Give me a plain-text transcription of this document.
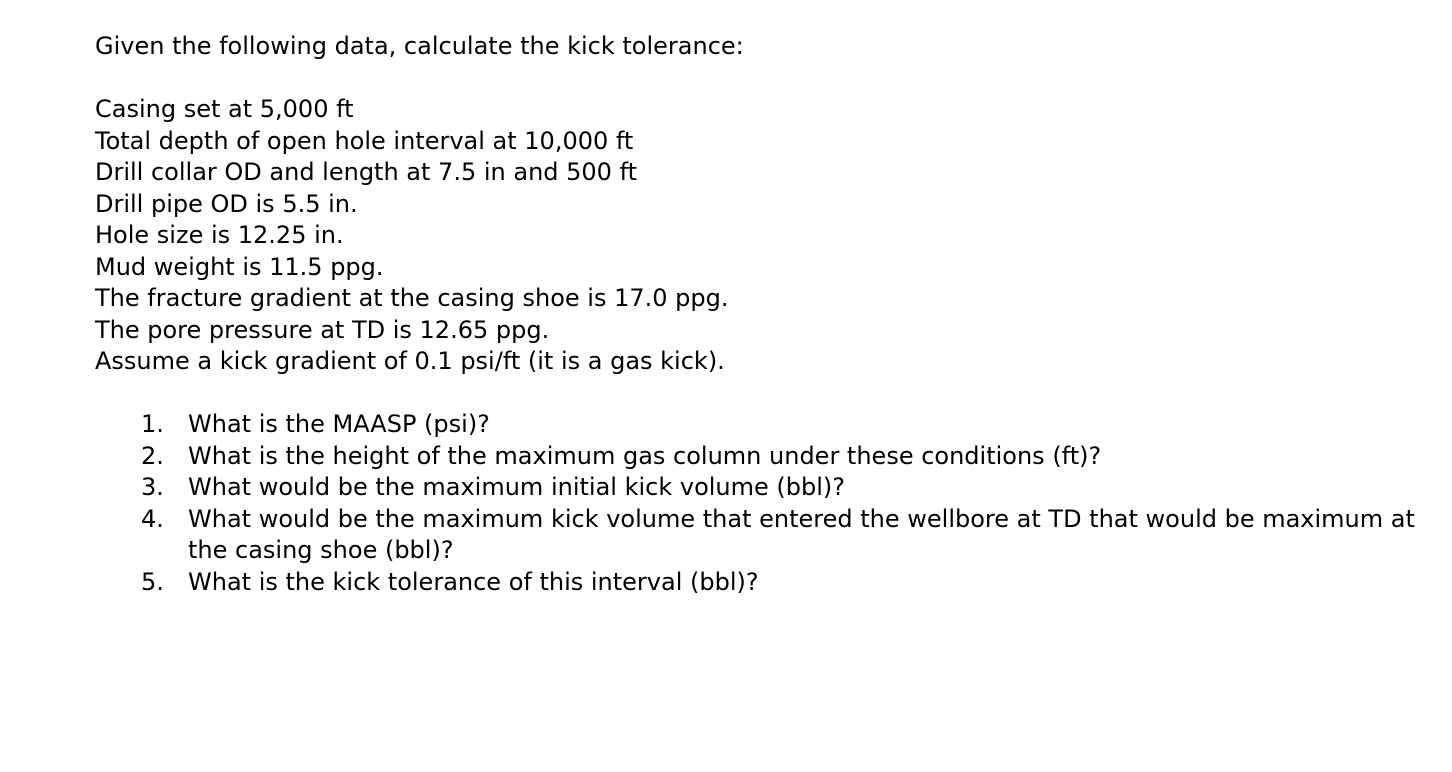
Given the following data, calculate the kick tolerance:

Casing set at 5,000 ft

Total depth of open hole interval at 10,000 ft

Drill collar OD and length at 7.5 in and 500 ft

Drill pipe OD is 5.5 in.

Hole size is 12.25 in.

Mud weight is 11.5 ppg.

The fracture gradient at the casing shoe is 17.0 ppg.

The pore pressure at TD is 12.65 ppg.

Assume a kick gradient of 0.1 psi/ft (it is a gas kick).

1. What is the MAASP (psi)?
2. What is the height of the maximum gas column under these conditions (ft)?
3. What would be the maximum initial kick volume (bbl)?
4. What would be the maximum kick volume that entered the wellbore at TD that would be maximum at the casing shoe (bbl)?
5. What is the kick tolerance of this interval (bbl)?
